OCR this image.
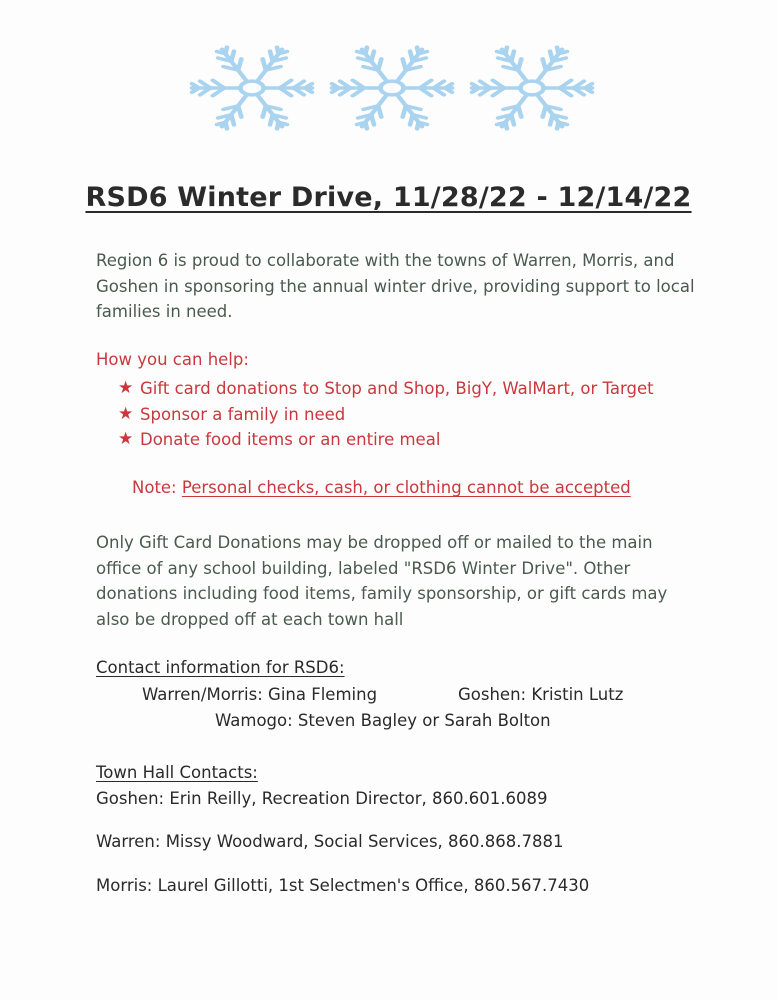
RSD6 Winter Drive, 11/28/22 - 12/14/22
Region 6 is proud to collaborate with the towns of Warren, Morris, and Goshen in sponsoring the annual winter drive, providing support to local families in need.
How you can help:
★ Gift card donations to Stop and Shop, BigY, WalMart, or Target
★ Sponsor a family in need
★ Donate food items or an entire meal
Note: Personal checks, cash, or clothing cannot be accepted
Only Gift Card Donations may be dropped off or mailed to the main office of any school building, labeled "RSD6 Winter Drive". Other donations including food items, family sponsorship, or gift cards may also be dropped off at each town hall
Contact information for RSD6:
Warren/Morris: Gina Fleming	Goshen: Kristin Lutz
Wamogo: Steven Bagley or Sarah Bolton
Town Hall Contacts:
Goshen: Erin Reilly, Recreation Director, 860.601.6089
Warren: Missy Woodward, Social Services, 860.868.7881
Morris: Laurel Gillotti, 1st Selectmen's Office, 860.567.7430
